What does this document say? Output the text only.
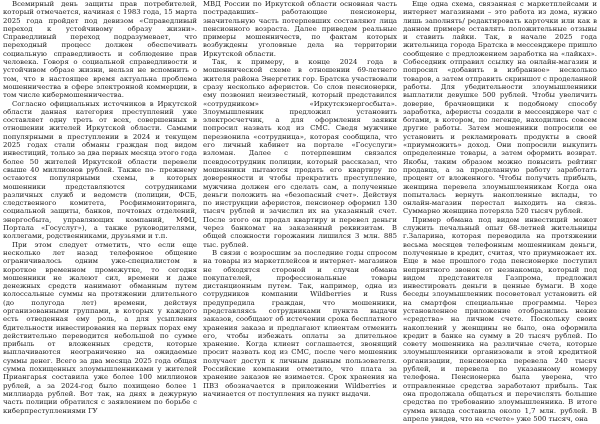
Всемирный день защиты прав потребителей, который отмечается, начиная с 1983 года, 15 марта 2025 года пройдет под девизом «Справедливый переход к устойчивому образу жизни». Справедливый переход подразумевает, что переходный процесс должен обеспечивать социальную справедливость и соблюдение прав человека. Говоря о социальной справедливости и устойчивом образе жизни, нельзя не вспомнить о том, что в настоящее время актуальна проблема мошенничества в сфере электронной коммерции, в том числе кибермошенничества.

Согласно официальных источников в Иркутской области данная категория преступлений уже составляет одну треть от всех, совершенных в отношении жителей Иркутской области. Самыми популярными в преступлении в 2024 и текущем 2025 годах стали обманы граждан под видом инвестиций, только за два первых месяца этого года более 50 жителей Иркутской области перевели свыше 40 миллионов рублей. Также по- прежнему остаются популярными схемы, в которых мошенники представляются сотрудниками различных служб и ведомств (полиции, ФСБ, следственного комитета, Росфинмониторинга, социальной защиты, банков, почтовых отделений, энергосбыта, управляющих компаний, МФЦ, Портала «Госуслуг»), а также руководителями, коллегами, родственниками, друзьями и т.п.

При этом следует отметить, что если еще несколько лет назад телефонное общение ограничивалось одним уже-специалистом в короткое временном промежутке, то сегодня мошенники не жалеют сил, времени и даже денежных средств нанимают обманным путем колоссальные суммы на протяжении длительного (до полугода лет) времени, действуя организованными группами, в которых у каждого есть отведенная ему роль, а для усыпления бдительности инвестирования на первых порах ему действительно переводится небольшой по сумме прибыль от вложенных средств, которые выплачиваются неограниченно на ожидаемые суммы денег. Всего за два месяца 2025 года общая сумма похищенных злоумышленниками у жителей Приангарья составила уже более 100 миллионов рублей, а за 2024-год было похищено более 1 миллиарда рублей. Вот так, на днях в дежурную часть полиции обратился с заявлением по борьбе с киберпреступлениями ГУ

МВД России по Иркутской области основная часть пострадавших– работающие пенсионеры, значительную часть потерпевших составляют лица пенсионного возраста. Далее приведем реальные примеры мошенничеств, по фактам которых возбуждены уголовные дела на территории Иркутской области.

Так, к примеру, в конце 2024 года в мошеннической схеме в отношении 69-летнего жителя района Энергетик гор. Братска участвовали сразу несколько аферистов. Со слов пенсионерки, ему позвонил неизвестный, который представился «сотрудником» «Иркутскэнергосбыта». Злоумышленник предложил установить электросчетчик, а для оформления заявки попросил назвать код из СМС. Сведя мужчине перезвонила «сотрудница», которая сообщила, что его личный кабинет на портале «Госуслуги» взломан. Далее с потерпевшим связался псевдосотрудник полиции, который рассказал, что мошенники пытаются продать его квартиру по доверенности и чтобы прекратить преступление, мужчина должен его сделать сам, а полученные деньги положить на «безопасный счет». Действуя по инструкции аферистов, пенсионер оформил 130 тысяч рублей и зачислил их на указанный счет. После этого он продал квартиру и перевел деньги через банкомат на заказанный реквизитам. В общей сложности горожанин лишился 3 млн. 885 тыс. рублей.

В связи с возросшим за последние годы спросом на товары из маркетплейсов и интернет- магазинов не обходятся стороной и случаи обмана покупателей, профессиональные товары дистанционным путем. Так, например, одна из сотрудников компании Wildberries и Russ предупредила граждан, что мошенники, представляясь сотрудниками пункта выдачи заказов, сообщают об истечении срока бесплатного хранения заказа и предлагают клиентам отменить его, чтобы избежать оплаты за длительное хранение. Когда клиент соглашается, звонящий просит назвать код из СМС, после чего мошенник получает доступ к личным данным пользователя. Российские компании отметило, что плата за хранение заказов не взимается. Срок хранения на ПВЗ обозначается в приложении Wildberries и начинается от поступления на пункт выдачи.

Еще одна схема, связанная с маркетплейсами и интернет магазинами – это работа из дома, нужно лишь заполнять/ редактировать карточки или как в данном примере оставлять положительные отзывы и ставить лайки. Так, в начале 2025 года жительница города Братска в мессенджере пришло сообщение с предложением заработка на «лайках». Собеседник отправил ссылку на онлайн-магазин и попросил «добавить в избранное» несколько товаров, а затем отправить скриншот с проделанной работы. Для убедительности злоумышленники выплатили девушке 500 рублей. Чтобы увеличить доверие, брачновщики к подобному способу заработка, аферисты создали в мессенджере чат с ботами, в котором, по легенде, находились совсем другие работы. Затем мошенники попросили ее установить и рекламировать продукты в своей «приумножить» доход. Они попросили выкупить определенные товары, а затем оформить возврат. Якобы, таким образом можно повысить рейтинг продавца, а за проделанную работу заработать процент от вложенного. Чтобы получить прибыль, женщина перевела злоумышленникам Когда она попыталась вернуть накопленные вклады, то онлайн-магазин перестал выходить на связь. Суммарно женщина потеряла 520 тысяч рублей.

Пример обмана под видом инвестиций может служить печальный опыт 68-летней жительницы г.Заларина, которая переводила на протяжении весьма месяцев телефонным мошенникам деньги, полученные в кредит, считая, что приумножает их. Еще в мае прошлого года пенсионерке поступил неприятного звонок от незнакомца, который под видом представителя Газпрома, предложил инвестировать деньги в ценные бумаги. В ходе беседы злоумышленник посоветовал установить ей на смартфон специальные программы. Через установленное приложение отобразились некие «средства» на личном счете. Поскольку своих накоплений у женщины не было, она оформила кредит в банке на сумму в 20 тысяч рублей. По совету мошенника на различные счета, которые злоумышленники организовали в этой кредитной организации, пенсионерка перевела 240 тысяч рублей, и перевела по указанному номеру телефона. Пенсионерка была уверена, что отправленные средства заработают прибыль. Так она продолжала общаться и перечислять большие средства по требованию злоумышленника. В итоге сумма вклада составила около 1,7 млн. рублей. В апреле увидев, что на «счете» уже 500 тысяч, она
